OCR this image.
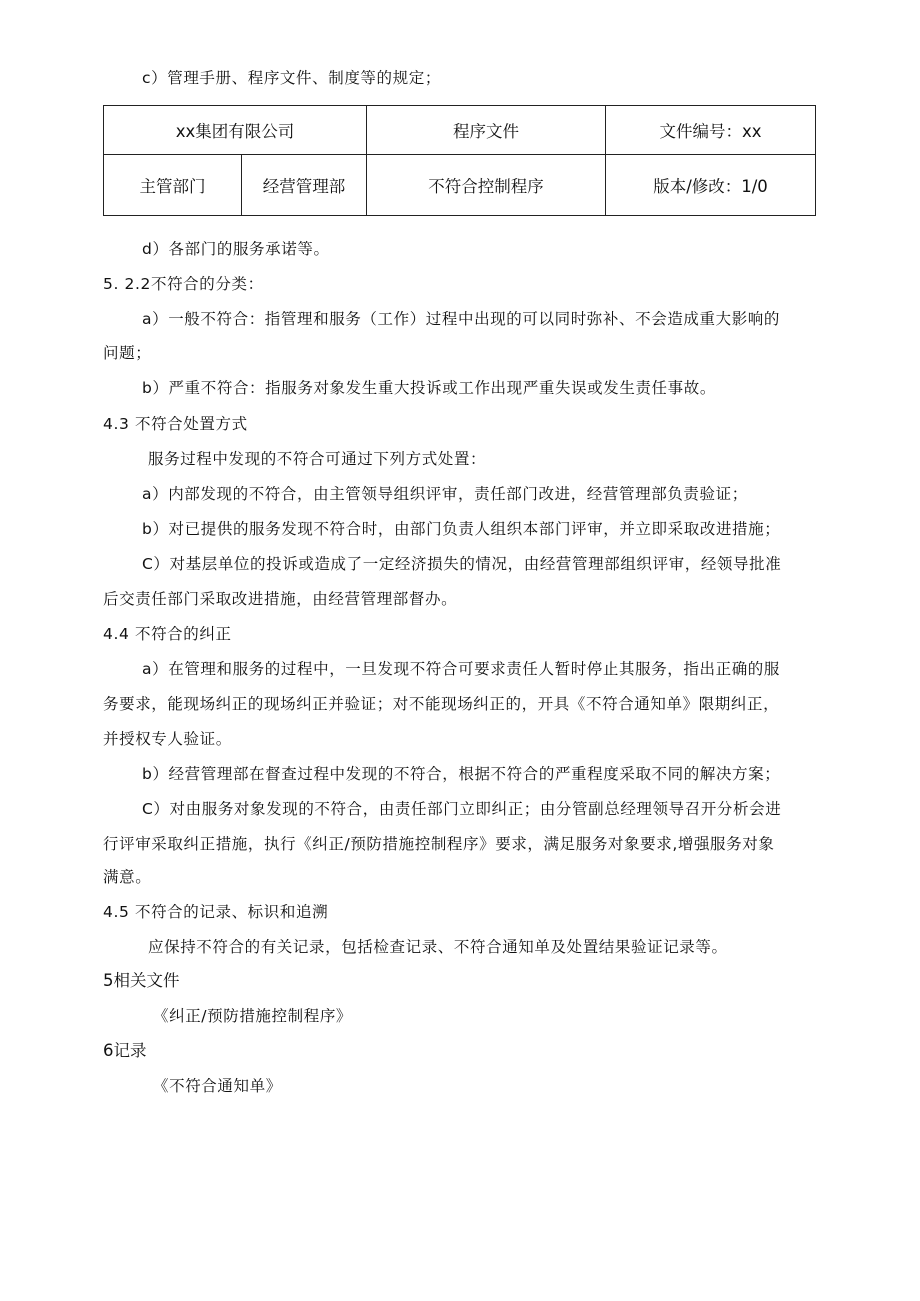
c）管理手册、程序文件、制度等的规定；
xx集团有限公司		程序文件	文件编号：xx
主管部门	经营管理部	不符合控制程序	版本/修改：1/0
d）各部门的服务承诺等。
5. 2.2不符合的分类：
a）一般不符合：指管理和服务（工作）过程中出现的可以同时弥补、不会造成重大影响的
问题；
b）严重不符合：指服务对象发生重大投诉或工作出现严重失误或发生责任事故。
4.3 不符合处置方式
服务过程中发现的不符合可通过下列方式处置：
a）内部发现的不符合，由主管领导组织评审，责任部门改进，经营管理部负责验证；
b）对已提供的服务发现不符合时，由部门负责人组织本部门评审，并立即采取改进措施；
C）对基层单位的投诉或造成了一定经济损失的情况，由经营管理部组织评审，经领导批准
后交责任部门采取改进措施，由经营管理部督办。
4.4 不符合的纠正
a）在管理和服务的过程中，一旦发现不符合可要求责任人暂时停止其服务，指出正确的服
务要求，能现场纠正的现场纠正并验证；对不能现场纠正的，开具《不符合通知单》限期纠正，
并授权专人验证。
b）经营管理部在督查过程中发现的不符合，根据不符合的严重程度采取不同的解决方案；
C）对由服务对象发现的不符合，由责任部门立即纠正；由分管副总经理领导召开分析会进
行评审采取纠正措施，执行《纠正/预防措施控制程序》要求，满足服务对象要求,增强服务对象
满意。
4.5 不符合的记录、标识和追溯
应保持不符合的有关记录，包括检查记录、不符合通知单及处置结果验证记录等。
5相关文件
《纠正/预防措施控制程序》
6记录
《不符合通知单》
